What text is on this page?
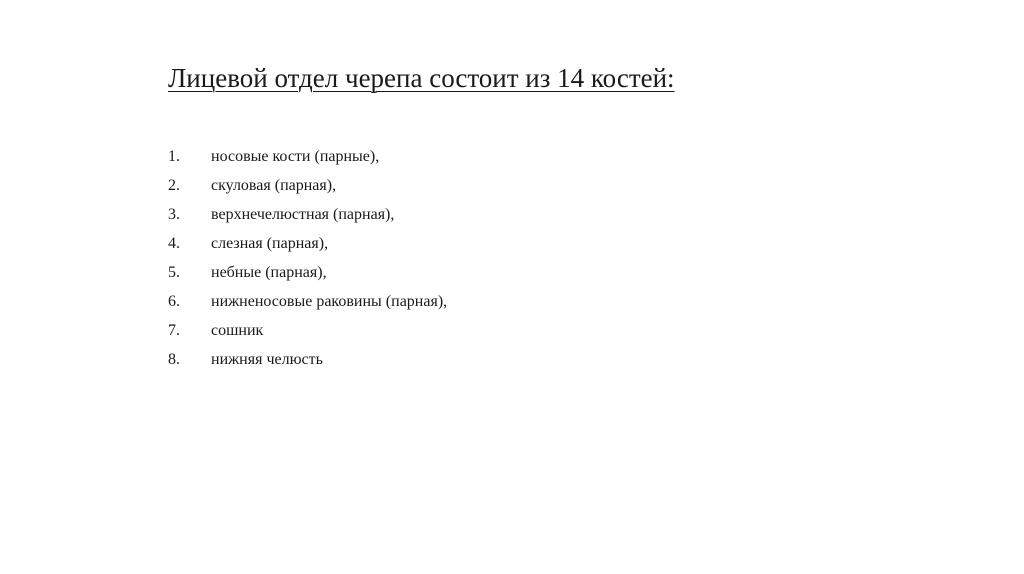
Лицевой отдел черепа состоит из 14 костей:
1.	носовые кости (парные),
2.	скуловая (парная),
3.	верхнечелюстная (парная),
4.	слезная (парная),
5.	небные (парная),
6.	нижненосовые раковины (парная),
7.	сошник
8.	нижняя челюсть
